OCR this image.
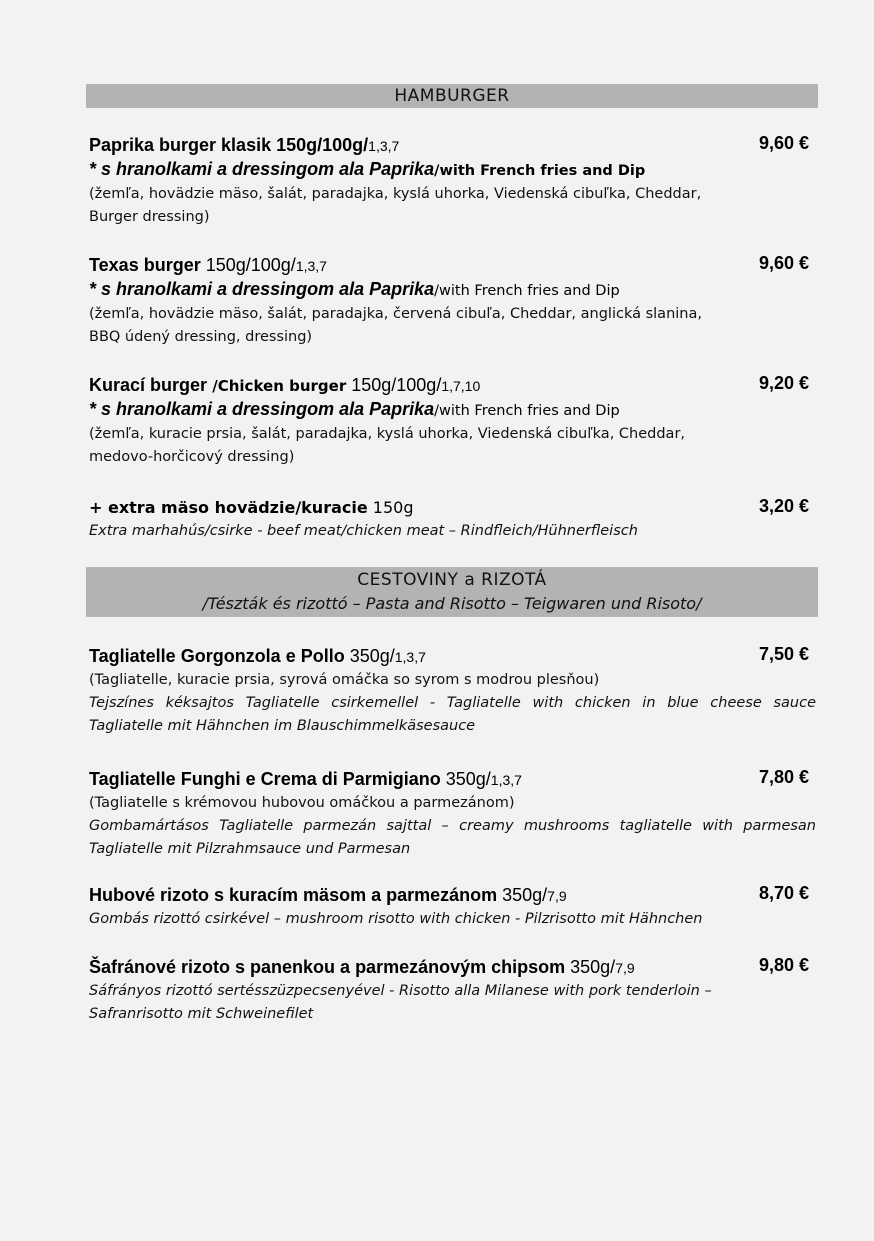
HAMBURGER
Paprika burger klasik 150g/100g/1,3,7	9,60 €
* s hranolkami a dressingom ala Paprika/with French fries and Dip
(žemľa, hovädzie mäso, šalát, paradajka, kyslá uhorka, Viedenská cibuľka, Cheddar,
Burger dressing)
Texas burger 150g/100g/1,3,7	9,60 €
* s hranolkami a dressingom ala Paprika/with French fries and Dip
(žemľa, hovädzie mäso, šalát, paradajka, červená cibuľa, Cheddar, anglická slanina,
BBQ údený dressing, dressing)
Kurací burger /Chicken burger 150g/100g/1,7,10	9,20 €
* s hranolkami a dressingom ala Paprika/with French fries and Dip
(žemľa, kuracie prsia, šalát, paradajka, kyslá uhorka, Viedenská cibuľka, Cheddar,
medovo-horčicový dressing)
+ extra mäso hovädzie/kuracie 150g	3,20 €
Extra marhahús/csirke - beef meat/chicken meat – Rindfleich/Hühnerfleisch
CESTOVINY a RIZOTÁ
/Tészták és rizottó – Pasta and Risotto – Teigwaren und Risoto/
Tagliatelle Gorgonzola e Pollo 350g/1,3,7	7,50 €
(Tagliatelle, kuracie prsia, syrová omáčka so syrom s modrou plesňou)
Tejszínes kéksajtos Tagliatelle csirkemellel - Tagliatelle with chicken in blue cheese sauce
Tagliatelle mit Hähnchen im Blauschimmelkäsesauce
Tagliatelle Funghi e Crema di Parmigiano 350g/1,3,7	7,80 €
(Tagliatelle s krémovou hubovou omáčkou a parmezánom)
Gombamártásos Tagliatelle parmezán sajttal – creamy mushrooms tagliatelle with parmesan
Tagliatelle mit Pilzrahmsauce und Parmesan
Hubové rizoto s kuracím mäsom a parmezánom 350g/7,9	8,70 €
Gombás rizottó csirkével – mushroom risotto with chicken - Pilzrisotto mit Hähnchen
Šafránové rizoto s panenkou a parmezánovým chipsom 350g/7,9	9,80 €
Sáfrányos rizottó sertésszüzpecsenyével - Risotto alla Milanese with pork tenderloin –
Safranrisotto mit Schweinefilet
